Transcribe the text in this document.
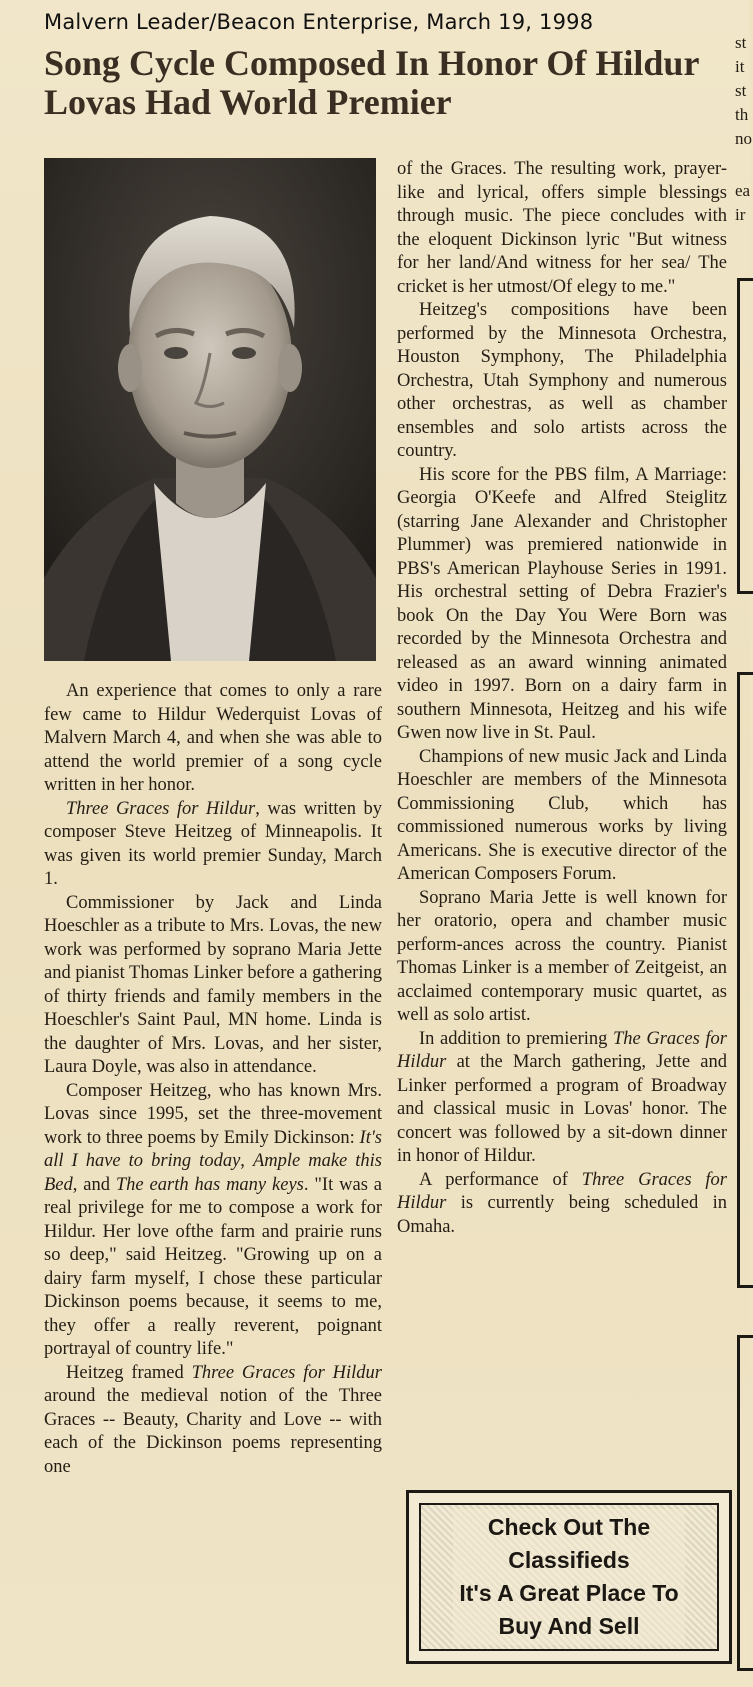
Malvern Leader/Beacon Enterprise, March 19, 1998
Song Cycle Composed In Honor Of Hildur Lovas Had World Premier

An experience that comes to only a rare few came to Hildur Wederquist Lovas of Malvern March 4, and when she was able to attend the world premier of a song cycle written in her honor.

Three Graces for Hildur, was written by composer Steve Heitzeg of Minneapolis. It was given its world premier Sunday, March 1.

Commissioner by Jack and Linda Hoeschler as a tribute to Mrs. Lovas, the new work was performed by soprano Maria Jette and pianist Thomas Linker before a gathering of thirty friends and family members in the Hoeschler's Saint Paul, MN home. Linda is the daughter of Mrs. Lovas, and her sister, Laura Doyle, was also in attendance.

Composer Heitzeg, who has known Mrs. Lovas since 1995, set the three-movement work to three poems by Emily Dickinson: It's all I have to bring today, Ample make this Bed, and The earth has many keys. "It was a real privilege for me to compose a work for Hildur. Her love ofthe farm and prairie runs so deep," said Heitzeg. "Growing up on a dairy farm myself, I chose these particular Dickinson poems because, it seems to me, they offer a really reverent, poignant portrayal of country life."

Heitzeg framed Three Graces for Hildur around the medieval notion of the Three Graces -- Beauty, Charity and Love -- with each of the Dickinson poems representing one

of the Graces. The resulting work, prayer-like and lyrical, offers simple blessings through music. The piece concludes with the eloquent Dickinson lyric "But witness for her land/And witness for her sea/ The cricket is her utmost/Of elegy to me."

Heitzeg's compositions have been performed by the Minnesota Orchestra, Houston Symphony, The Philadelphia Orchestra, Utah Symphony and numerous other orchestras, as well as chamber ensembles and solo artists across the country.

His score for the PBS film, A Marriage: Georgia O'Keefe and Alfred Steiglitz (starring Jane Alexander and Christopher Plummer) was premiered nationwide in PBS's American Playhouse Series in 1991. His orchestral setting of Debra Frazier's book On the Day You Were Born was recorded by the Minnesota Orchestra and released as an award winning animated video in 1997. Born on a dairy farm in southern Minnesota, Heitzeg and his wife Gwen now live in St. Paul.

Champions of new music Jack and Linda Hoeschler are members of the Minnesota Commissioning Club, which has commissioned numerous works by living Americans. She is executive director of the American Composers Forum.

Soprano Maria Jette is well known for her oratorio, opera and chamber music perform-ances across the country. Pianist Thomas Linker is a member of Zeitgeist, an acclaimed contemporary music quartet, as well as solo artist.

In addition to premiering The Graces for Hildur at the March gathering, Jette and Linker performed a program of Broadway and classical music in Lovas' honor. The concert was followed by a sit-down dinner in honor of Hildur.

A performance of Three Graces for Hildur is currently being scheduled in Omaha.

Check Out The
Classifieds
It's A Great Place To
Buy And Sell
st
it
st
th
no
ea
ir
